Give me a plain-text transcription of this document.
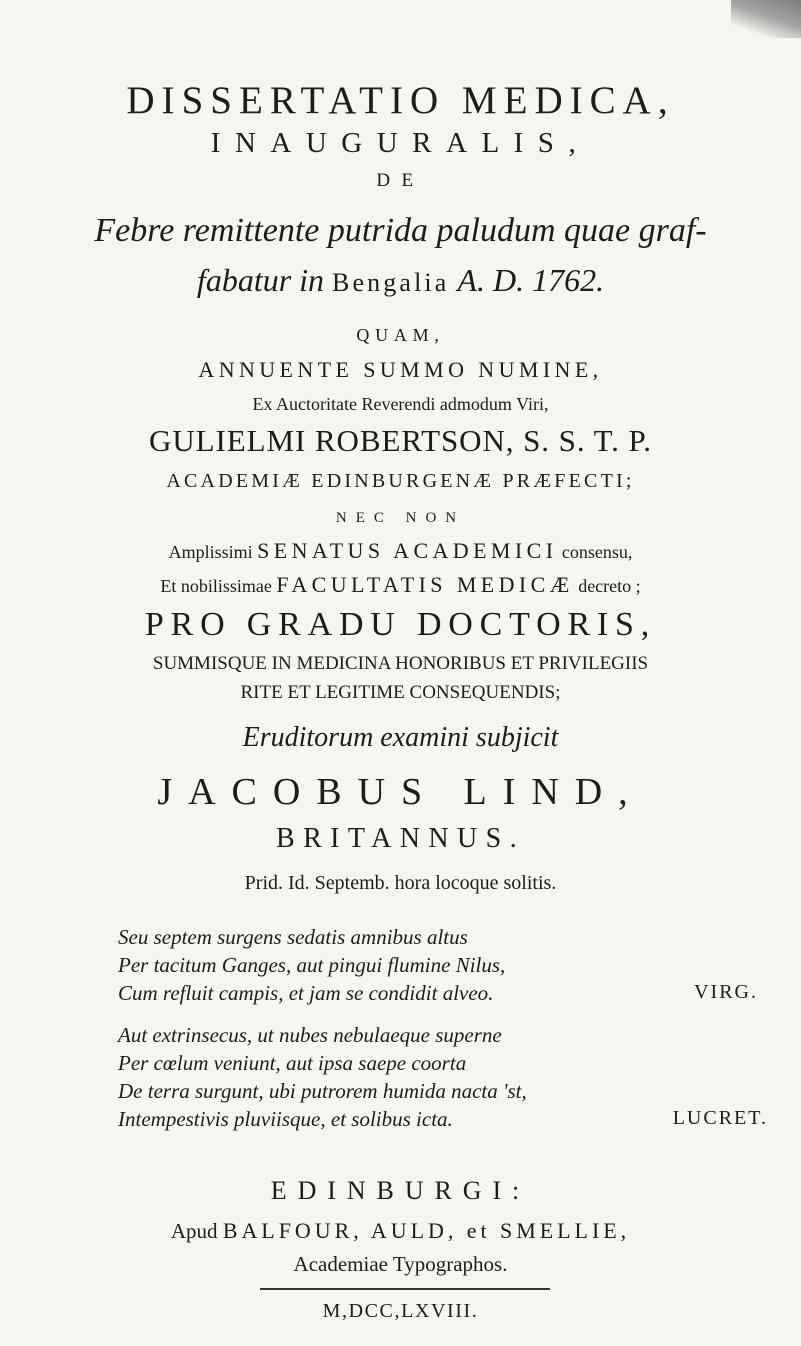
DISSERTATIO MEDICA,
INAUGURALIS,
DE
Febre remittente putrida paludum quae graf-
fabatur in Bengalia A. D. 1762.
QUAM,
ANNUENTE SUMMO NUMINE,
Ex Auctoritate Reverendi admodum Viri,
GULIELMI ROBERTSON, S. S. T. P.
ACADEMIÆ EDINBURGENÆ PRÆFECTI;
NEC NON
Amplissimi SENATUS ACADEMICI consensu,
Et nobilissimae FACULTATIS MEDICÆ decreto ;
PRO GRADU DOCTORIS,
SUMMISQUE IN MEDICINA HONORIBUS ET PRIVILEGIIS
RITE ET LEGITIME CONSEQUENDIS;
Eruditorum examini subjicit
JACOBUS LIND,
BRITANNUS.
Prid. Id. Septemb. hora locoque solitis.
Seu septem surgens sedatis amnibus altus
Per tacitum Ganges, aut pingui flumine Nilus,
Cum refluit campis, et jam se condidit alveo.	VIRG.
Aut extrinsecus, ut nubes nebulaeque superne
Per cœlum veniunt, aut ipsa saepe coorta
De terra surgunt, ubi putrorem humida nacta 'st,
Intempestivis pluviisque, et solibus icta.	LUCRET.
EDINBURGI:
Apud BALFOUR, AULD, et SMELLIE,
Academiae Typographos.
M,DCC,LXVIII.
